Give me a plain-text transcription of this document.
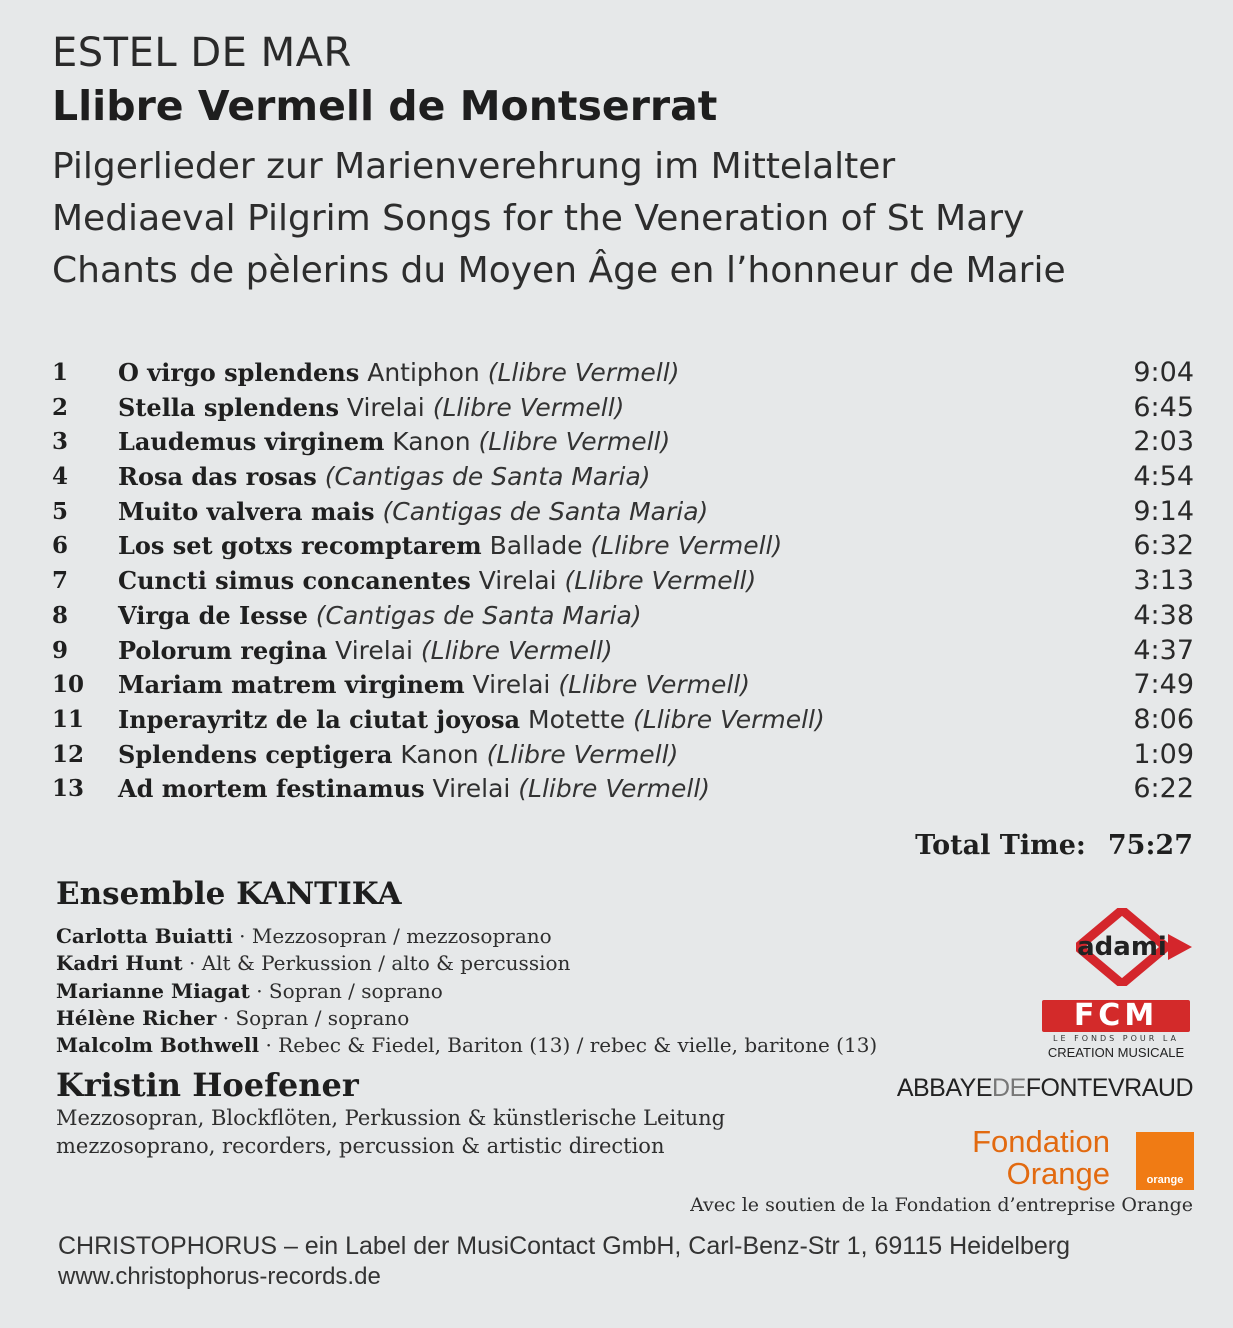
ESTEL DE MAR
Llibre Vermell de Montserrat
Pilgerlieder zur Marienverehrung im Mittelalter
Mediaeval Pilgrim Songs for the Veneration of St Mary
Chants de pèlerins du Moyen Âge en l’honneur de Marie
1	O virgo splendens Antiphon (Llibre Vermell)	9:04
2	Stella splendens Virelai (Llibre Vermell)	6:45
3	Laudemus virginem Kanon (Llibre Vermell)	2:03
4	Rosa das rosas (Cantigas de Santa Maria)	4:54
5	Muito valvera mais (Cantigas de Santa Maria)	9:14
6	Los set gotxs recomptarem Ballade (Llibre Vermell)	6:32
7	Cuncti simus concanentes Virelai (Llibre Vermell)	3:13
8	Virga de Iesse (Cantigas de Santa Maria)	4:38
9	Polorum regina Virelai (Llibre Vermell)	4:37
10	Mariam matrem virginem Virelai (Llibre Vermell)	7:49
11	Inperayritz de la ciutat joyosa Motette (Llibre Vermell)	8:06
12	Splendens ceptigera Kanon (Llibre Vermell)	1:09
13	Ad mortem festinamus Virelai (Llibre Vermell)	6:22
Total Time: 75:27
Ensemble KANTIKA
Carlotta Buiatti · Mezzosopran / mezzosoprano
Kadri Hunt · Alt & Perkussion / alto & percussion
Marianne Miagat · Sopran / soprano
Hélène Richer · Sopran / soprano
Malcolm Bothwell · Rebec & Fiedel, Bariton (13) / rebec & vielle, baritone (13)
Kristin Hoefener
Mezzosopran, Blockflöten, Perkussion & künstlerische Leitung
mezzosoprano, recorders, percussion & artistic direction
adami
FCM
LE FONDS POUR LA
CREATION MUSICALE
ABBAYEDEFONTEVRAUD
Fondation
Orange	orange
Avec le soutien de la Fondation d’entreprise Orange
CHRISTOPHORUS – ein Label der MusiContact GmbH, Carl-Benz-Str 1, 69115 Heidelberg
www.christophorus-records.de
